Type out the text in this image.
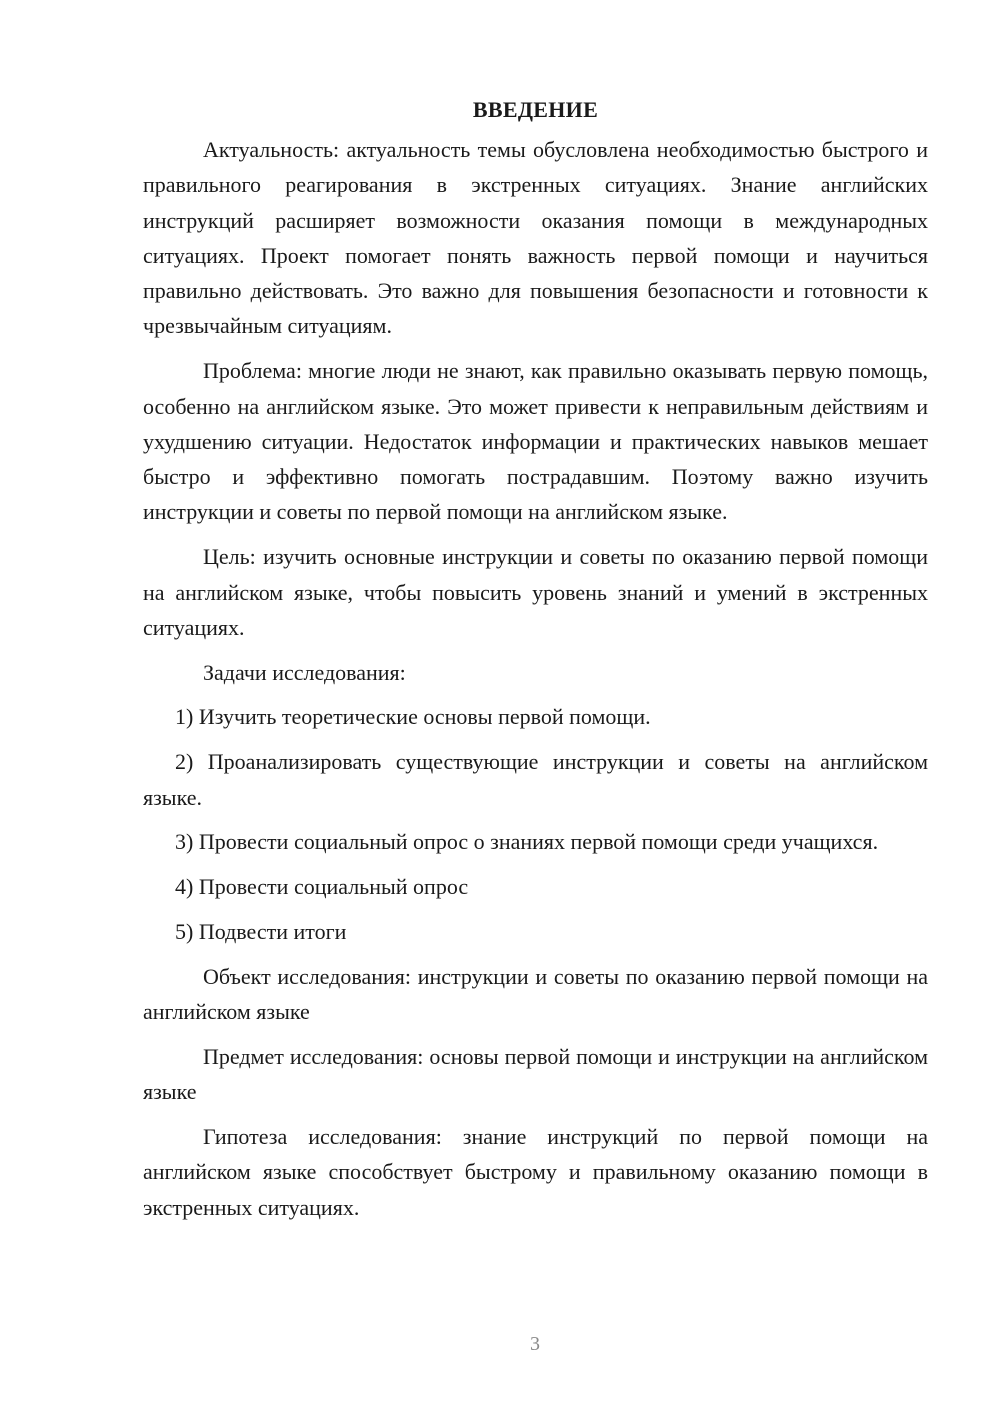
ВВЕДЕНИЕ

Актуальность: актуальность темы обусловлена необходимостью быстрого и правильного реагирования в экстренных ситуациях. Знание английских инструкций расширяет возможности оказания помощи в международных ситуациях. Проект помогает понять важность первой помощи и научиться правильно действовать. Это важно для повышения безопасности и готовности к чрезвычайным ситуациям.

Проблема: многие люди не знают, как правильно оказывать первую помощь, особенно на английском языке. Это может привести к неправильным действиям и ухудшению ситуации. Недостаток информации и практических навыков мешает быстро и эффективно помогать пострадавшим. Поэтому важно изучить инструкции и советы по первой помощи на английском языке.

Цель: изучить основные инструкции и советы по оказанию первой помощи на английском языке, чтобы повысить уровень знаний и умений в экстренных ситуациях.

Задачи исследования:

1) Изучить теоретические основы первой помощи.

2) Проанализировать существующие инструкции и советы на английском языке.

3) Провести социальный опрос о знаниях первой помощи среди учащихся.

4) Провести социальный опрос

5) Подвести итоги

Объект исследования: инструкции и советы по оказанию первой помощи на английском языке

Предмет исследования: основы первой помощи и инструкции на английском языке

Гипотеза исследования: знание инструкций по первой помощи на английском языке способствует быстрому и правильному оказанию помощи в экстренных ситуациях.

3
